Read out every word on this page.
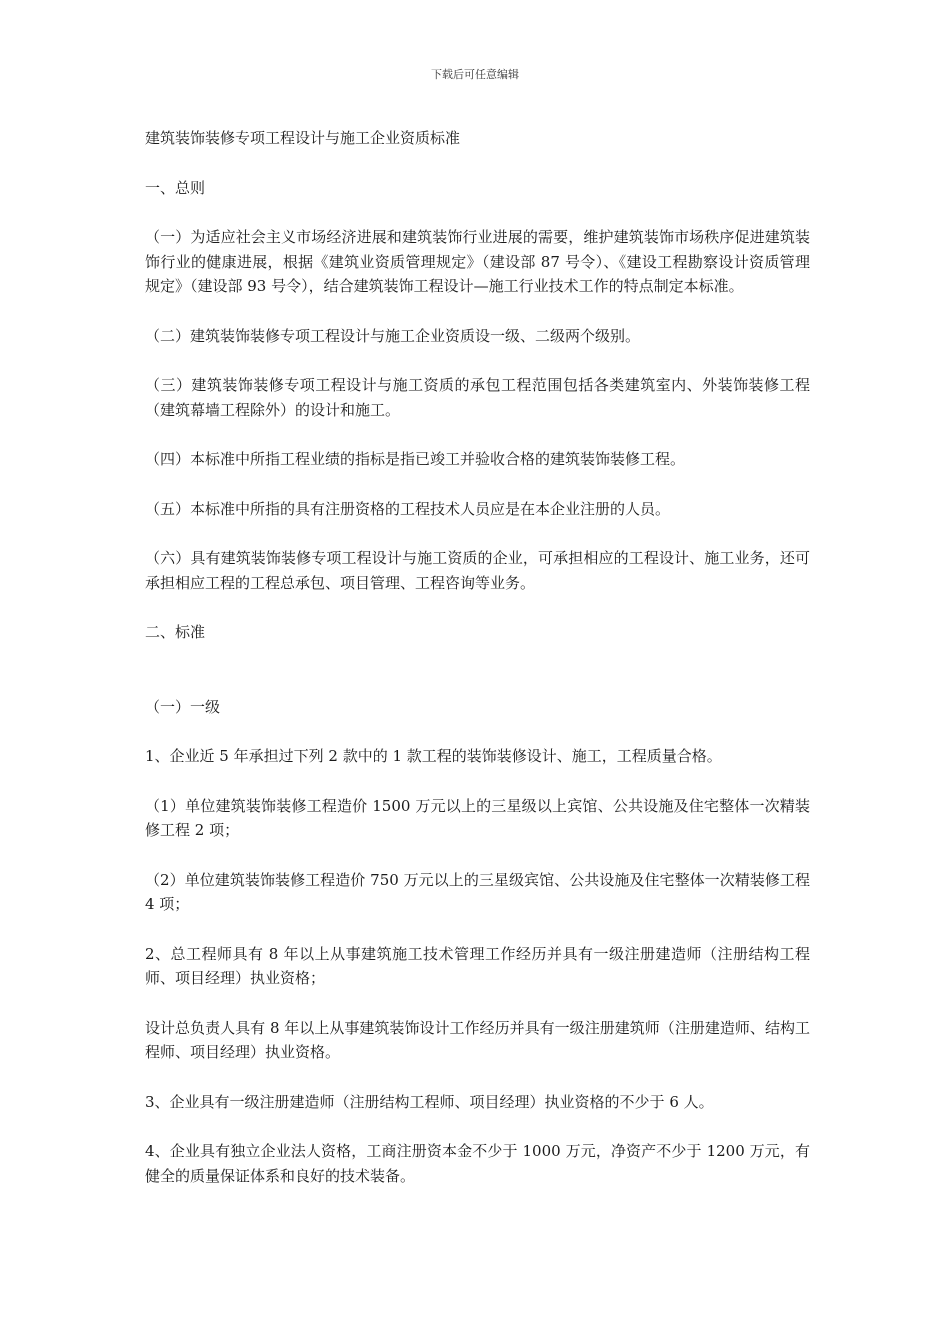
下载后可任意编辑

建筑装饰装修专项工程设计与施工企业资质标准

一、总则

（一）为适应社会主义市场经济进展和建筑装饰行业进展的需要，维护建筑装饰市场秩序促进建筑装饰行业的健康进展，根据《建筑业资质管理规定》（建设部 87 号令）、《建设工程勘察设计资质管理规定》（建设部 93 号令），结合建筑装饰工程设计—施工行业技术工作的特点制定本标准。

（二）建筑装饰装修专项工程设计与施工企业资质设一级、二级两个级别。

（三）建筑装饰装修专项工程设计与施工资质的承包工程范围包括各类建筑室内、外装饰装修工程（建筑幕墙工程除外）的设计和施工。

（四）本标准中所指工程业绩的指标是指已竣工并验收合格的建筑装饰装修工程。

（五）本标准中所指的具有注册资格的工程技术人员应是在本企业注册的人员。

（六）具有建筑装饰装修专项工程设计与施工资质的企业，可承担相应的工程设计、施工业务，还可承担相应工程的工程总承包、项目管理、工程咨询等业务。

二、标准

（一）一级

1、企业近 5 年承担过下列 2 款中的 1 款工程的装饰装修设计、施工，工程质量合格。

（1）单位建筑装饰装修工程造价 1500 万元以上的三星级以上宾馆、公共设施及住宅整体一次精装修工程 2 项；

（2）单位建筑装饰装修工程造价 750 万元以上的三星级宾馆、公共设施及住宅整体一次精装修工程 4 项；

2、总工程师具有 8 年以上从事建筑施工技术管理工作经历并具有一级注册建造师（注册结构工程师、项目经理）执业资格；

设计总负责人具有 8 年以上从事建筑装饰设计工作经历并具有一级注册建筑师（注册建造师、结构工程师、项目经理）执业资格。

3、企业具有一级注册建造师（注册结构工程师、项目经理）执业资格的不少于 6 人。

4、企业具有独立企业法人资格，工商注册资本金不少于 1000 万元，净资产不少于 1200 万元，有健全的质量保证体系和良好的技术装备。
